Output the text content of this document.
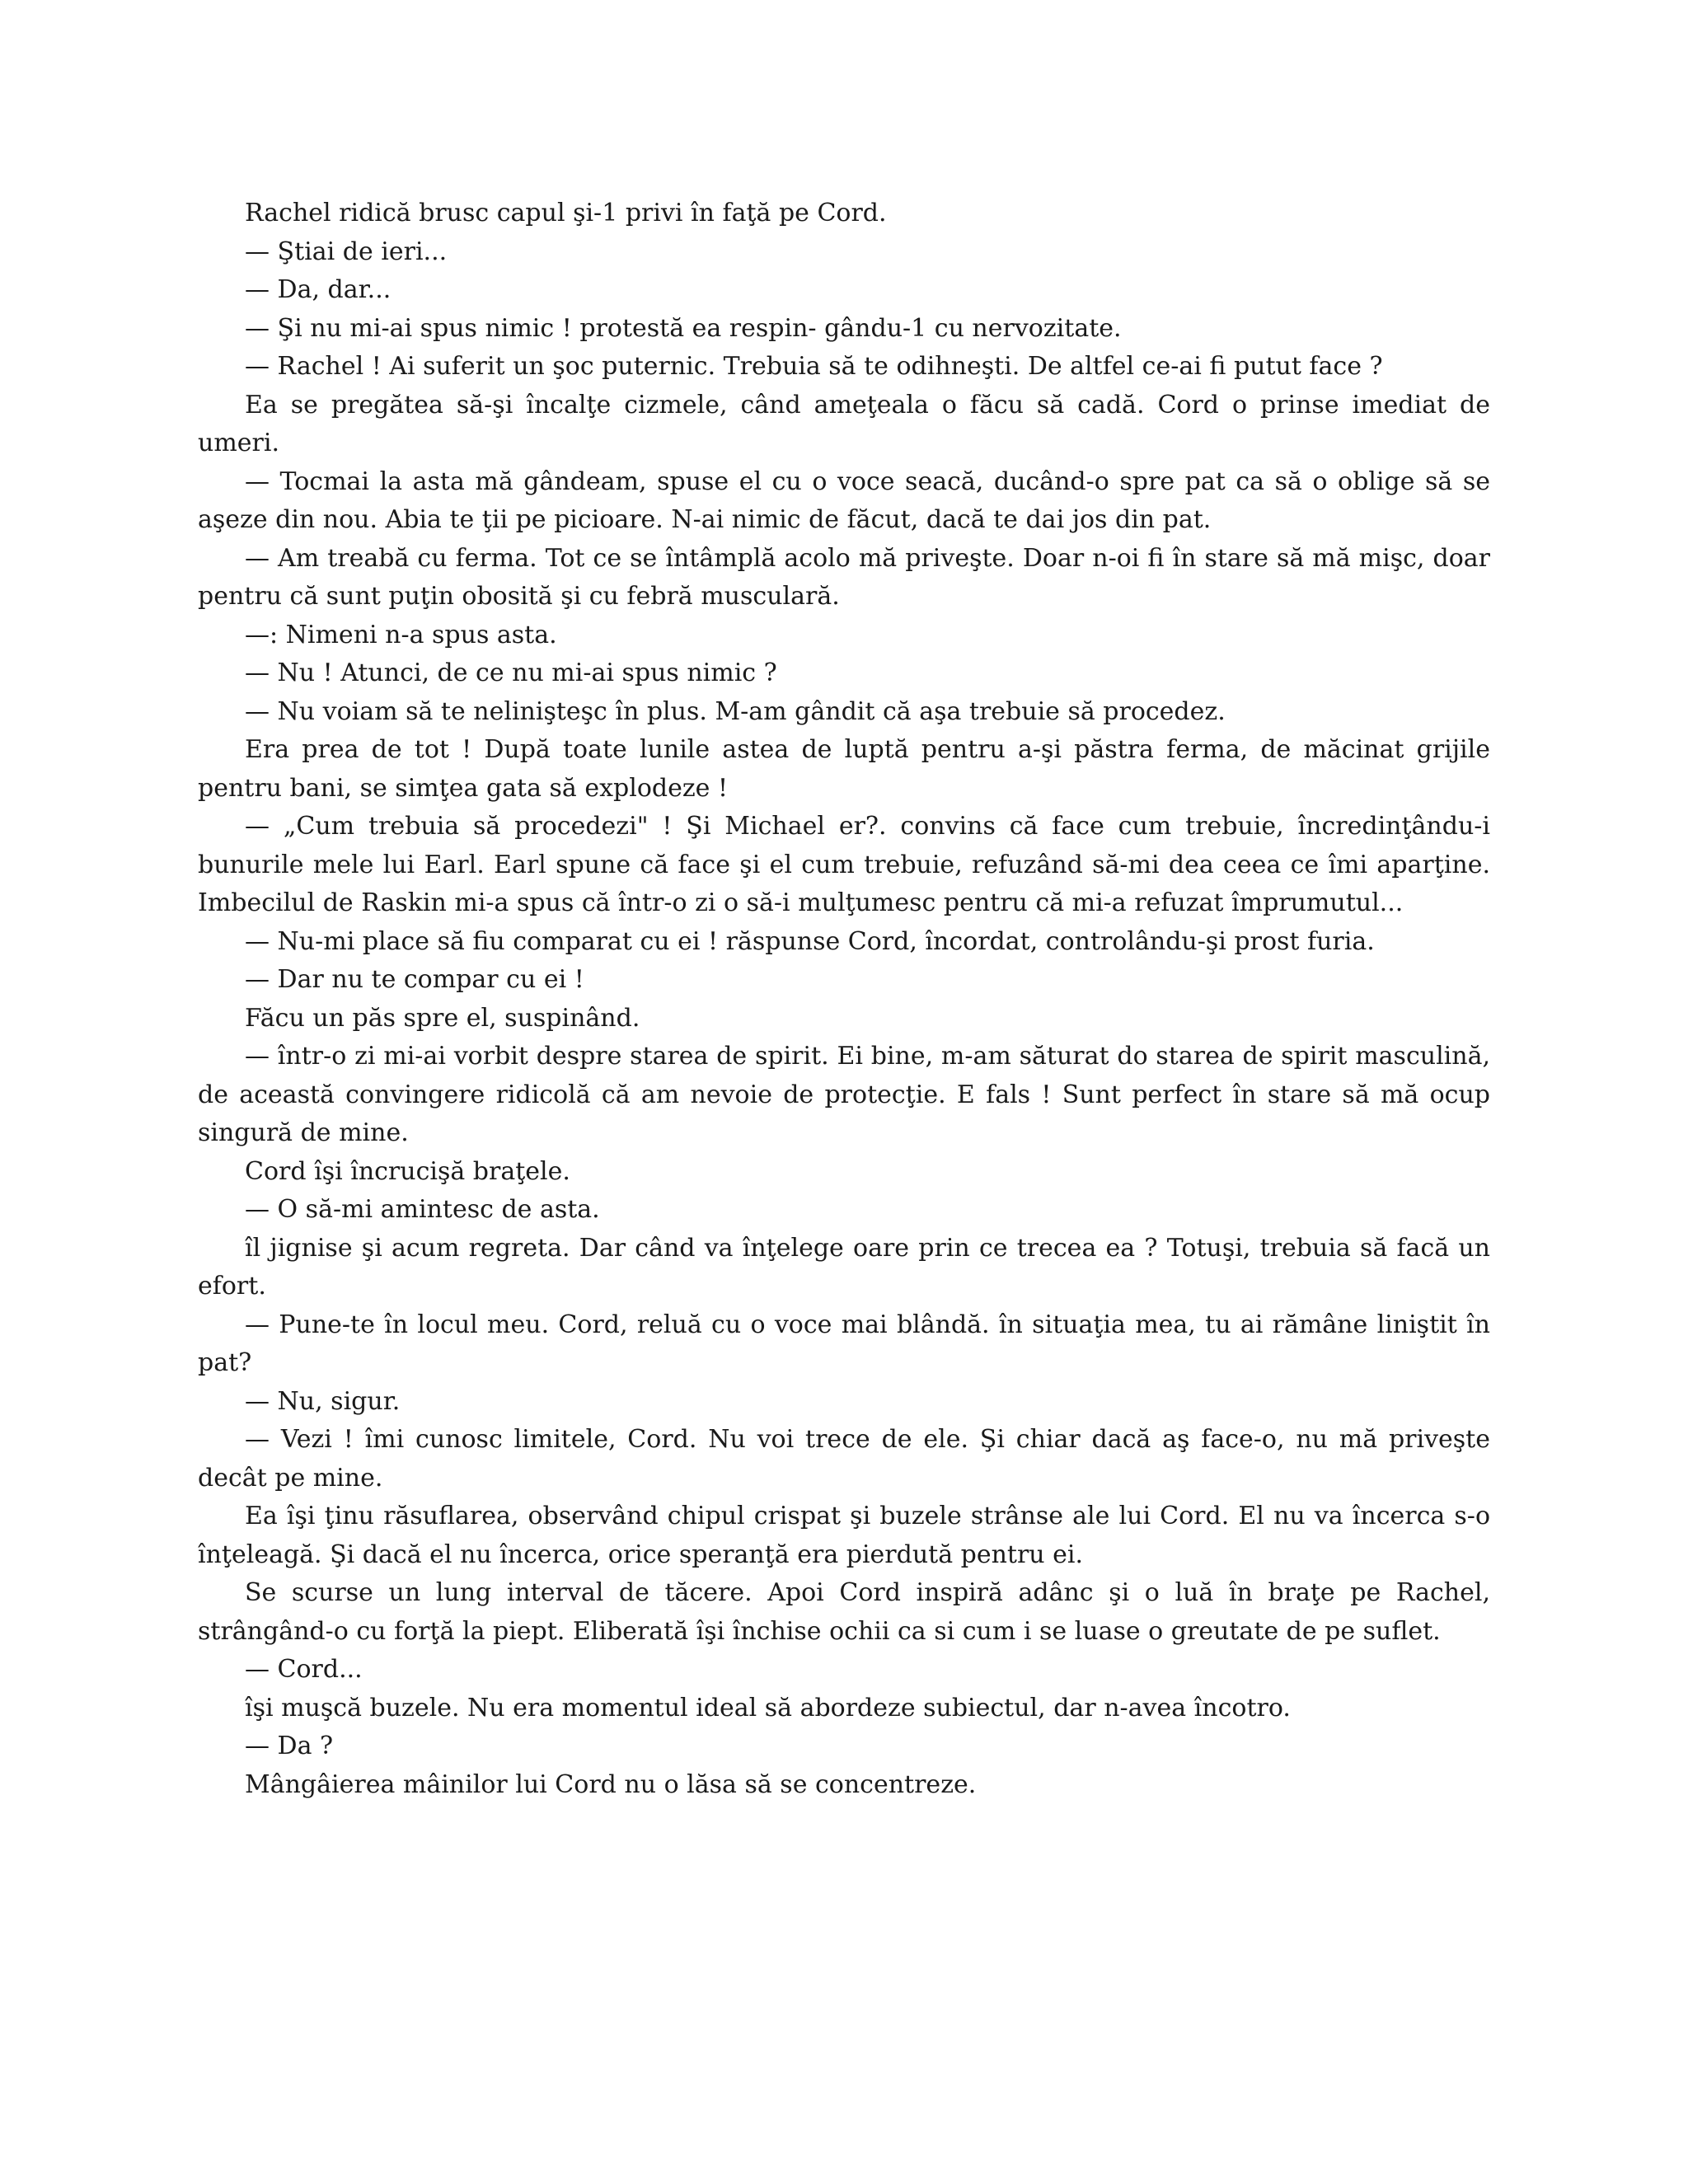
Rachel ridică brusc capul şi-1 privi în faţă pe Cord.

— Ştiai de ieri...

— Da, dar...

— Şi nu mi-ai spus nimic ! protestă ea respin- gându-1 cu nervozitate.

— Rachel ! Ai suferit un şoc puternic. Trebuia să te odihneşti. De altfel ce-ai fi putut face ?

Ea se pregătea să-şi încalţe cizmele, când ameţeala o făcu să cadă. Cord o prinse imediat de umeri.

— Tocmai la asta mă gândeam, spuse el cu o voce seacă, ducând-o spre pat ca să o oblige să se aşeze din nou. Abia te ţii pe picioare. N-ai nimic de făcut, dacă te dai jos din pat.

— Am treabă cu ferma. Tot ce se întâmplă acolo mă priveşte. Doar n-oi fi în stare să mă mişc, doar pentru că sunt puţin obosită şi cu febră musculară.

—: Nimeni n-a spus asta.

— Nu ! Atunci, de ce nu mi-ai spus nimic ?

— Nu voiam să te nelinişteşc în plus. M-am gândit că aşa trebuie să procedez.

Era prea de tot ! După toate lunile astea de luptă pentru a-şi păstra ferma, de măcinat grijile pentru bani, se simţea gata să explodeze !

— „Cum trebuia să procedezi" ! Şi Michael er?. convins că face cum trebuie, încredinţându-i bunurile mele lui Earl. Earl spune că face şi el cum trebuie, refuzând să-mi dea ceea ce îmi aparţine. Imbecilul de Raskin mi-a spus că într-o zi o să-i mulţumesc pentru că mi-a refuzat împrumutul...

— Nu-mi place să fiu comparat cu ei ! răspunse Cord, încordat, controlându-şi prost furia.

— Dar nu te compar cu ei !

Făcu un păs spre el, suspinând.

— într-o zi mi-ai vorbit despre starea de spirit. Ei bine, m-am săturat do starea de spirit masculină, de această convingere ridicolă că am nevoie de protecţie. E fals ! Sunt perfect în stare să mă ocup singură de mine.

Cord îşi încrucişă braţele.

— O să-mi amintesc de asta.

îl jignise şi acum regreta. Dar când va înţelege oare prin ce trecea ea ? Totuşi, trebuia să facă un efort.

— Pune-te în locul meu. Cord, reluă cu o voce mai blândă. în situaţia mea, tu ai rămâne liniştit în pat?

— Nu, sigur.

— Vezi ! îmi cunosc limitele, Cord. Nu voi trece de ele. Şi chiar dacă aş face-o, nu mă priveşte decât pe mine.

Ea îşi ţinu răsuflarea, observând chipul crispat şi buzele strânse ale lui Cord. El nu va încerca s-o înţeleagă. Şi dacă el nu încerca, orice speranţă era pierdută pentru ei.

Se scurse un lung interval de tăcere. Apoi Cord inspiră adânc şi o luă în braţe pe Rachel, strângând-o cu forţă la piept. Eliberată îşi închise ochii ca si cum i se luase o greutate de pe suflet.

— Cord...

îşi muşcă buzele. Nu era momentul ideal să abordeze subiectul, dar n-avea încotro.

— Da ?

Mângâierea mâinilor lui Cord nu o lăsa să se concentreze.
